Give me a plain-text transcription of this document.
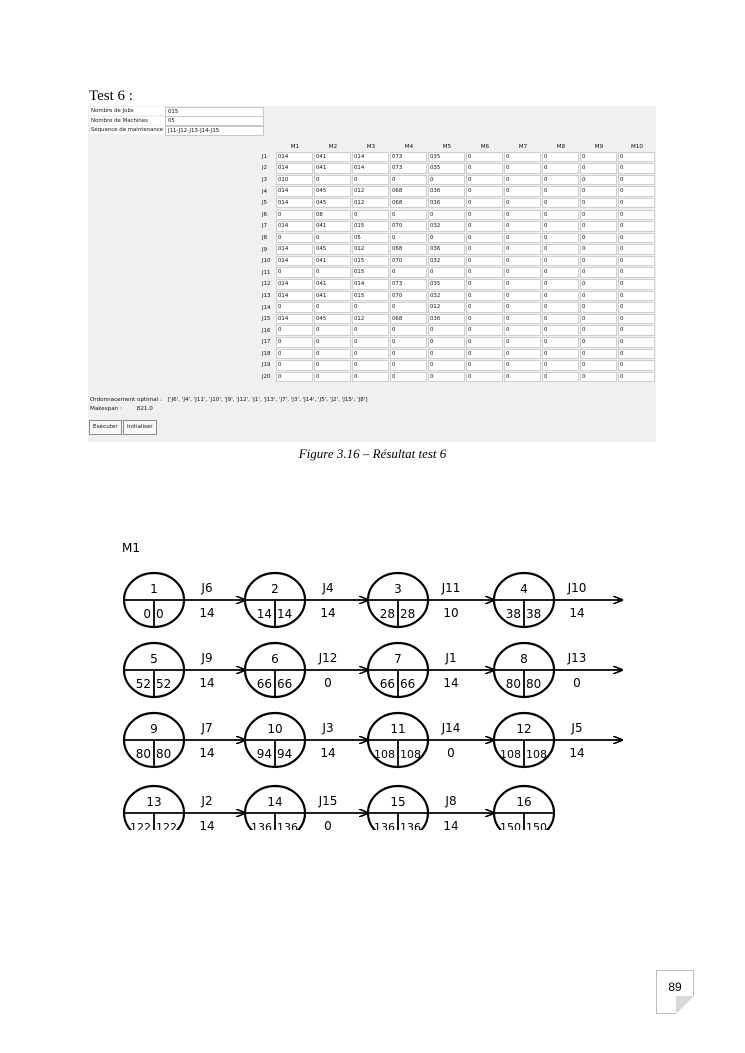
Test 6 :
Nombre de Jobs	015
Nombre de Machines	05
Séquence de maintenance J11-J12-J13-J14-J15
	M1	M2	M3	M4	M5	M6	M7	M8	M9	M10
J1	014	041	014	073	035	0	0	0	0	0

J2	014	041	014	073	035	0	0	0	0	0

J3	010	0	0	0	0	0	0	0	0	0

J4	014	045	012	068	036	0	0	0	0	0

J5	014	045	012	068	036	0	0	0	0	0

J6	0	08	0	0	0	0	0	0	0	0

J7	014	041	015	070	032	0	0	0	0	0

J8	0	0	05	0	0	0	0	0	0	0

J9	014	045	012	068	036	0	0	0	0	0

J10	014	041	015	070	032	0	0	0	0	0

J11	0	0	015	0	0	0	0	0	0	0

J12	014	041	014	073	035	0	0	0	0	0

J13	014	041	015	070	032	0	0	0	0	0

J14	0	0	0	0	012	0	0	0	0	0

J15	014	045	012	068	036	0	0	0	0	0

J16	0	0	0	0	0	0	0	0	0	0

J17	0	0	0	0	0	0	0	0	0	0

J18	0	0	0	0	0	0	0	0	0	0

J19	0	0	0	0	0	0	0	0	0	0

J20	0	0	0	0	0	0	0	0	0	0
Ordonnacement optimal : ['J6', 'J4', 'J11', 'J10', 'J9', 'J12', 'J1', 'J13', 'J7', 'J3', 'J14', 'J5', 'J2', 'J15', 'J8']
Makespan :	821.0
Exécuter	Initialiser
Figure 3.16 – Résultat test 6
M1
1
0 0
2
14 14
3
28 28
4
38 38
5
52 52
6
66 66
7
66 66
8
80 80
9
80 80
10
94 94
11
108 108
12
108 108
13
122 122
14
136 136
15
136 136
16
150 150
J6
14
J4
14
J11
10
J10
14
J9
14
J12
0
J1
14
J13
0
J7
14
J3
14
J14
0
J5
14
J2
14
J15
0
J8
14
89
